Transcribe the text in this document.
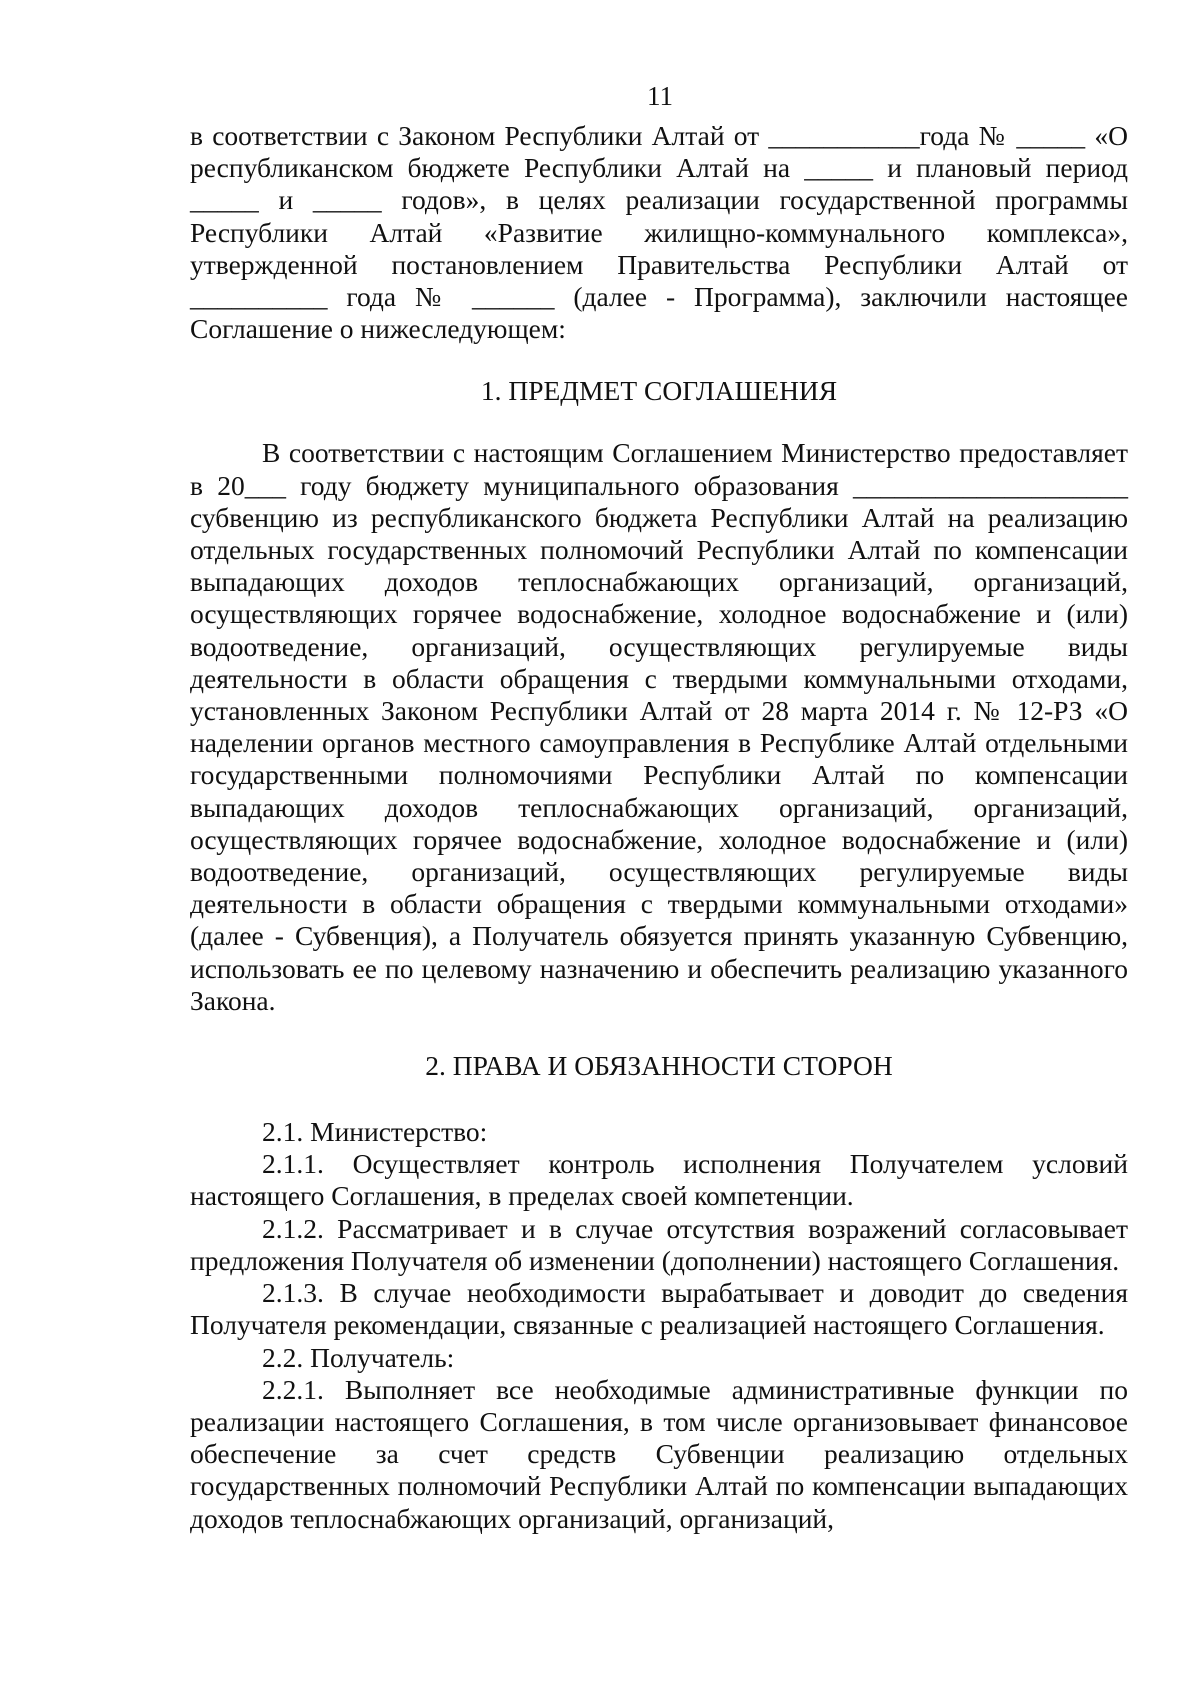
11

в соответствии с Законом Республики Алтай от ___________года № _____ «О республиканском бюджете Республики Алтай на _____ и плановый период _____ и _____ годов», в целях реализации государственной программы Республики Алтай «Развитие жилищно-коммунального комплекса», утвержденной постановлением Правительства Республики Алтай от __________ года № ______ (далее - Программа), заключили настоящее Соглашение о нижеследующем:

1. ПРЕДМЕТ СОГЛАШЕНИЯ

В соответствии с настоящим Соглашением Министерство предоставляет в 20___ году бюджету муниципального образования ____________________ субвенцию из республиканского бюджета Республики Алтай на реализацию отдельных государственных полномочий Республики Алтай по компенсации выпадающих доходов теплоснабжающих организаций, организаций, осуществляющих горячее водоснабжение, холодное водоснабжение и (или) водоотведение, организаций, осуществляющих регулируемые виды деятельности в области обращения с твердыми коммунальными отходами, установленных Законом Республики Алтай от 28 марта 2014 г. № 12-РЗ «О наделении органов местного самоуправления в Республике Алтай отдельными государственными полномочиями Республики Алтай по компенсации выпадающих доходов теплоснабжающих организаций, организаций, осуществляющих горячее водоснабжение, холодное водоснабжение и (или) водоотведение, организаций, осуществляющих регулируемые виды деятельности в области обращения с твердыми коммунальными отходами» (далее - Субвенция), а Получатель обязуется принять указанную Субвенцию, использовать ее по целевому назначению и обеспечить реализацию указанного Закона.

2. ПРАВА И ОБЯЗАННОСТИ СТОРОН

2.1. Министерство:

2.1.1. Осуществляет контроль исполнения Получателем условий настоящего Соглашения, в пределах своей компетенции.

2.1.2. Рассматривает и в случае отсутствия возражений согласовывает предложения Получателя об изменении (дополнении) настоящего Соглашения.

2.1.3. В случае необходимости вырабатывает и доводит до сведения Получателя рекомендации, связанные с реализацией настоящего Соглашения.

2.2. Получатель:

2.2.1. Выполняет все необходимые административные функции по реализации настоящего Соглашения, в том числе организовывает финансовое обеспечение за счет средств Субвенции реализацию отдельных государственных полномочий Республики Алтай по компенсации выпадающих доходов теплоснабжающих организаций, организаций,
